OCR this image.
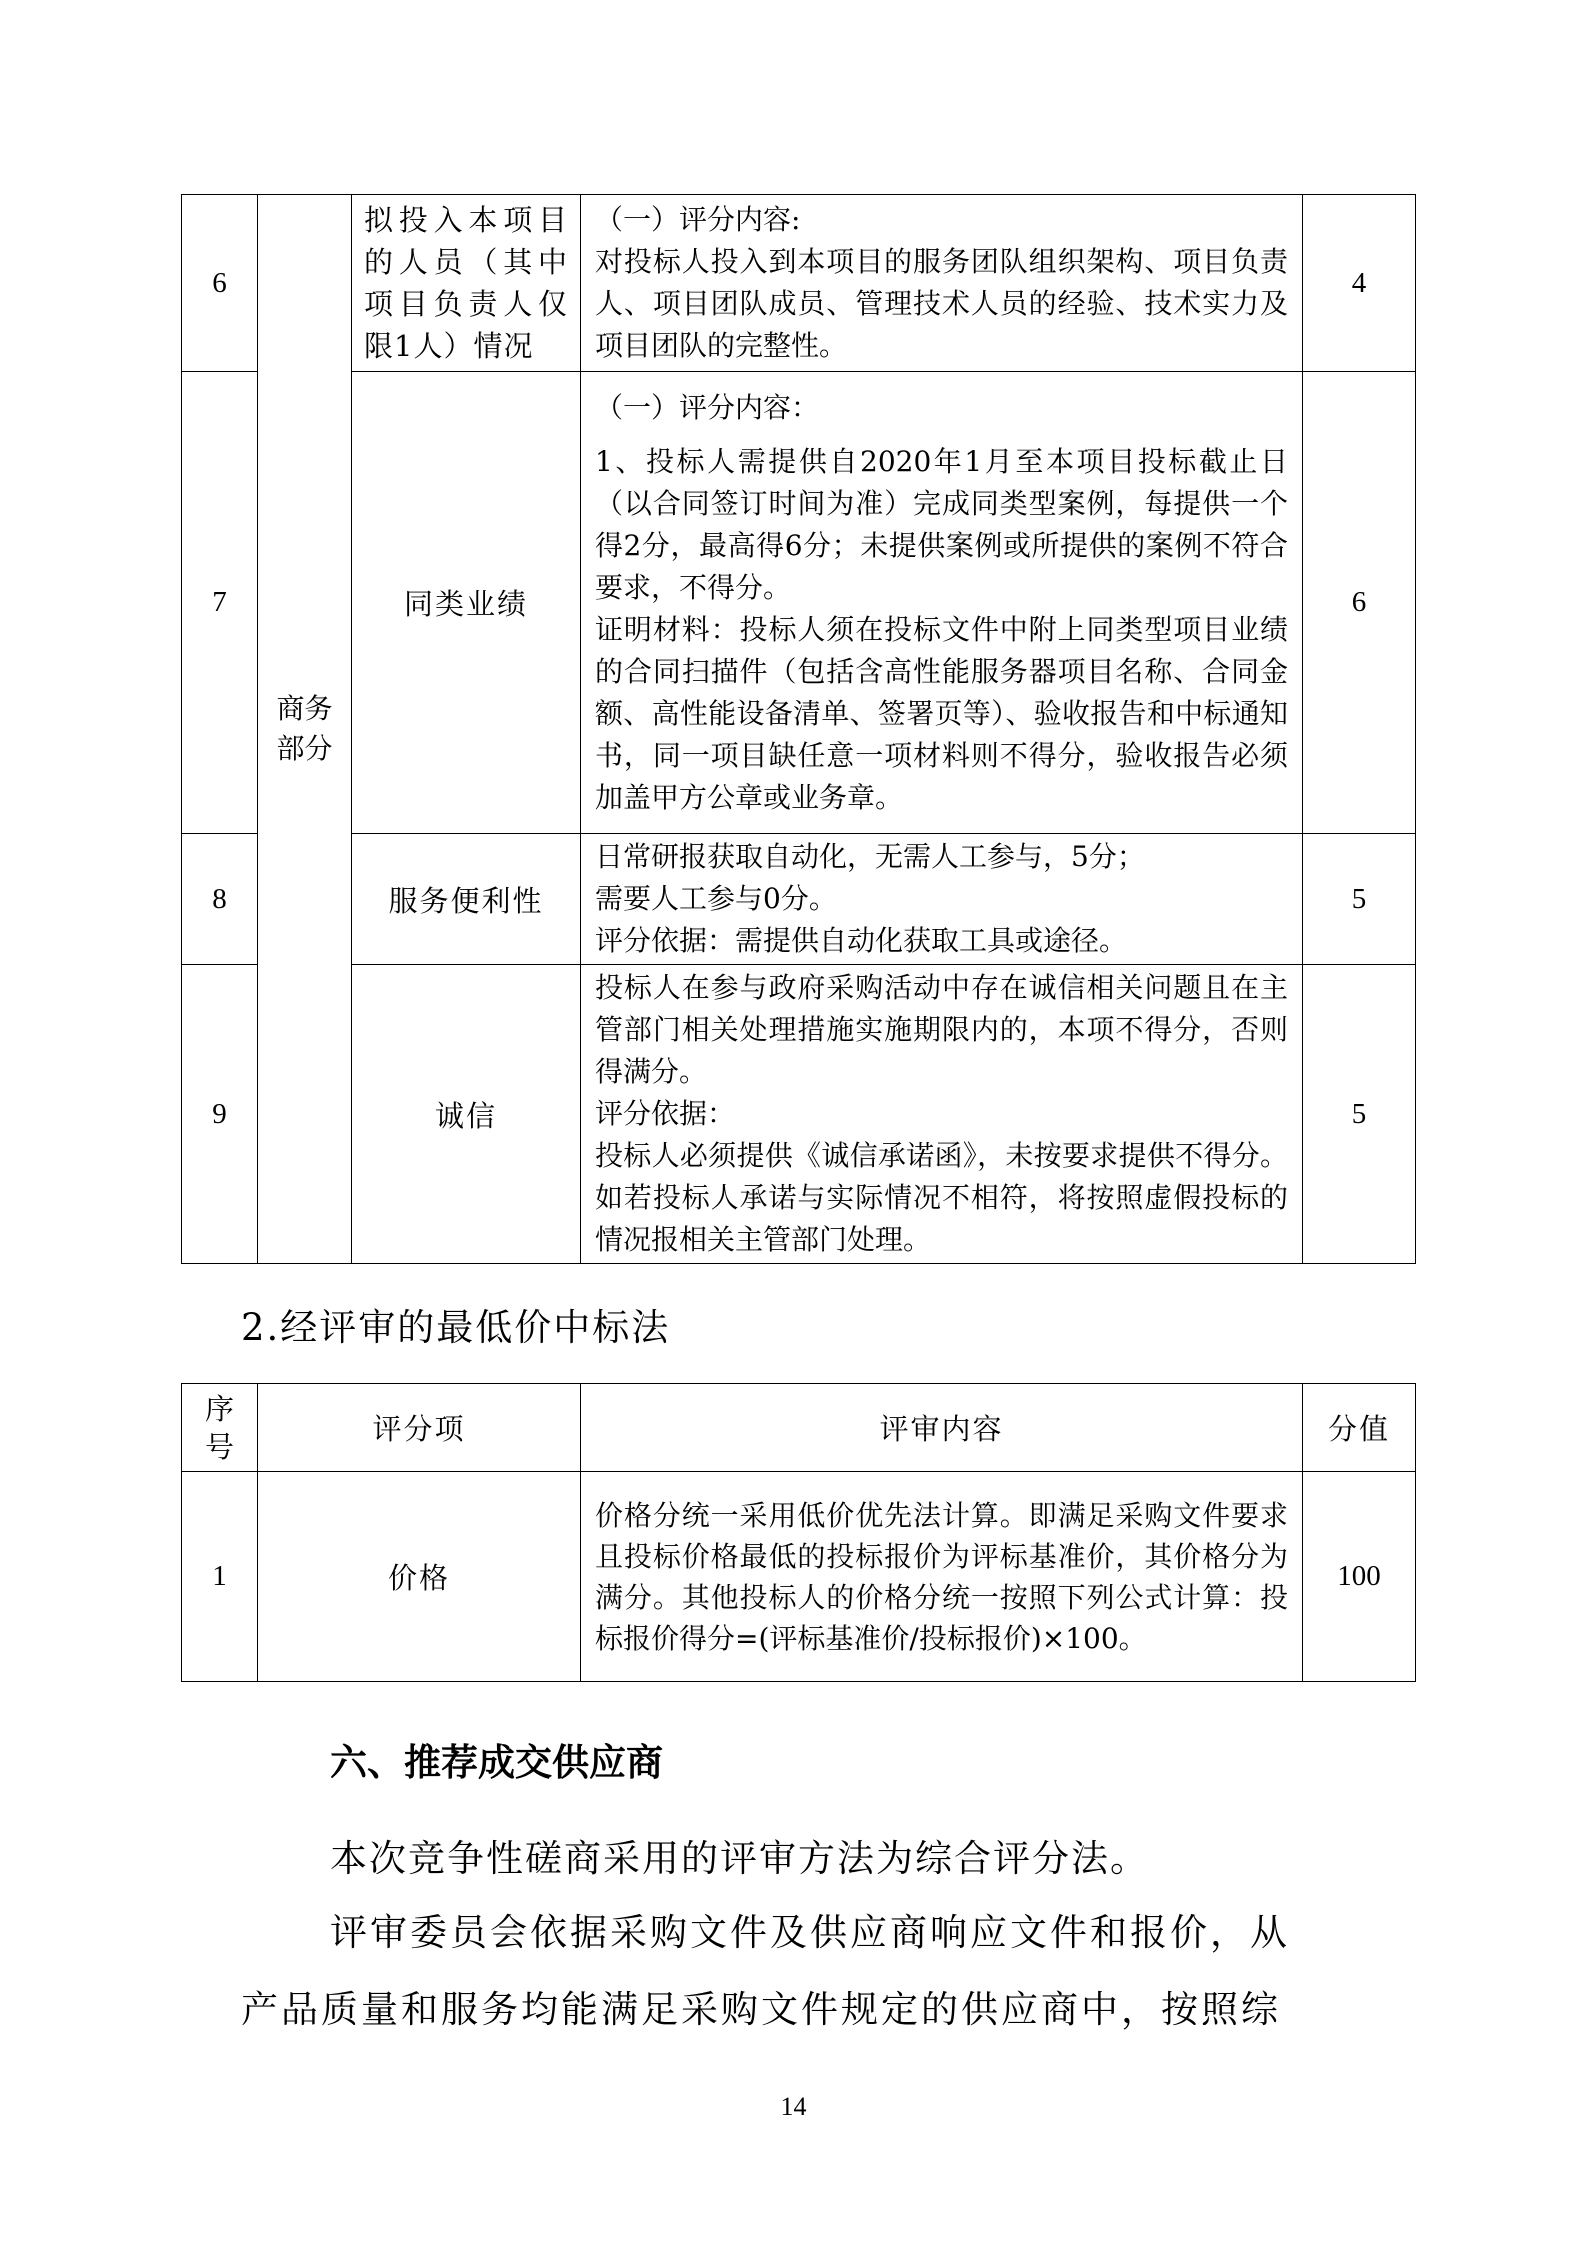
6	商务部分	拟投入本项目的人员（其中项目负责人仅限1人）情况	（一）评分内容:
对投标人投入到本项目的服务团队组织架构、项目负责人、项目团队成员、管理技术人员的经验、技术实力及项目团队的完整性。	4
7		同类业绩	（一）评分内容：
1、投标人需提供自2020年1月至本项目投标截止日（以合同签订时间为准）完成同类型案例，每提供一个得2分，最高得6分；未提供案例或所提供的案例不符合要求，不得分。
证明材料：投标人须在投标文件中附上同类型项目业绩的合同扫描件（包括含高性能服务器项目名称、合同金额、高性能设备清单、签署页等）、验收报告和中标通知书，同一项目缺任意一项材料则不得分，验收报告必须加盖甲方公章或业务章。	6
8		服务便利性	日常研报获取自动化，无需人工参与，5分；
需要人工参与0分。
评分依据：需提供自动化获取工具或途径。	5
9		诚信	投标人在参与政府采购活动中存在诚信相关问题且在主管部门相关处理措施实施期限内的，本项不得分，否则得满分。
评分依据：
投标人必须提供《诚信承诺函》，未按要求提供不得分。如若投标人承诺与实际情况不相符，将按照虚假投标的情况报相关主管部门处理。	5
2.经评审的最低价中标法
序号	评分项	评审内容	分值
1	价格	价格分统一采用低价优先法计算。即满足采购文件要求且投标价格最低的投标报价为评标基准价，其价格分为满分。其他投标人的价格分统一按照下列公式计算：投标报价得分=(评标基准价/投标报价)×100。	100
六、推荐成交供应商
本次竞争性磋商采用的评审方法为综合评分法。
评审委员会依据采购文件及供应商响应文件和报价，从
产品质量和服务均能满足采购文件规定的供应商中，按照综
14
